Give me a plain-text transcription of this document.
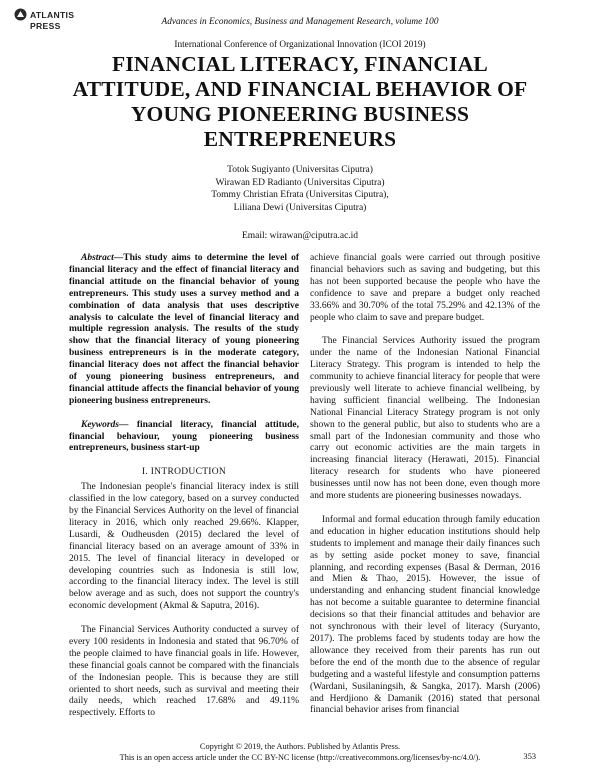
ATLANTIS
PRESS	Advances in Economics, Business and Management Research, volume 100
International Conference of Organizational Innovation (ICOI 2019)
FINANCIAL LITERACY, FINANCIAL ATTITUDE, AND FINANCIAL BEHAVIOR OF YOUNG PIONEERING BUSINESS ENTREPRENEURS
Totok Sugiyanto (Universitas Ciputra)
Wirawan ED Radianto (Universitas Ciputra)
Tommy Christian Efrata (Universitas Ciputra),
Liliana Dewi (Universitas Ciputra)
Email: wirawan@ciputra.ac.id

Abstract—This study aims to determine the level of financial literacy and the effect of financial literacy and financial attitude on the financial behavior of young entrepreneurs. This study uses a survey method and a combination of data analysis that uses descriptive analysis to calculate the level of financial literacy and multiple regression analysis. The results of the study show that the financial literacy of young pioneering business entrepreneurs is in the moderate category, financial literacy does not affect the financial behavior of young pioneering business entrepreneurs, and financial attitude affects the financial behavior of young pioneering business entrepreneurs.

Keywords— financial literacy, financial attitude, financial behaviour, young pioneering business entrepreneurs, business start-up

I. INTRODUCTION

The Indonesian people's financial literacy index is still classified in the low category, based on a survey conducted by the Financial Services Authority on the level of financial literacy in 2016, which only reached 29.66%. Klapper, Lusardi, & Oudheusden (2015) declared the level of financial literacy based on an average amount of 33% in 2015. The level of financial literacy in developed or developing countries such as Indonesia is still low, according to the financial literacy index. The level is still below average and as such, does not support the country's economic development (Akmal & Saputra, 2016).

The Financial Services Authority conducted a survey of every 100 residents in Indonesia and stated that 96.70% of the people claimed to have financial goals in life. However, these financial goals cannot be compared with the financials of the Indonesian people. This is because they are still oriented to short needs, such as survival and meeting their daily needs, which reached 17.68% and 49.11% respectively. Efforts to

achieve financial goals were carried out through positive financial behaviors such as saving and budgeting, but this has not been supported because the people who have the confidence to save and prepare a budget only reached 33.66% and 30.70% of the total 75.29% and 42.13% of the people who claim to save and prepare budget.

The Financial Services Authority issued the program under the name of the Indonesian National Financial Literacy Strategy. This program is intended to help the community to achieve financial literacy for people that were previously well literate to achieve financial wellbeing, by having sufficient financial wellbeing. The Indonesian National Financial Literacy Strategy program is not only shown to the general public, but also to students who are a small part of the Indonesian community and those who carry out economic activities are the main targets in increasing financial literacy (Herawati, 2015). Financial literacy research for students who have pioneered businesses until now has not been done, even though more and more students are pioneering businesses nowadays.

Informal and formal education through family education and education in higher education institutions should help students to implement and manage their daily finances such as by setting aside pocket money to save, financial planning, and recording expenses (Basal & Derman, 2016 and Mien & Thao, 2015). However, the issue of understanding and enhancing student financial knowledge has not become a suitable guarantee to determine financial decisions so that their financial attitudes and behavior are not synchronous with their level of literacy (Suryanto, 2017). The problems faced by students today are how the allowance they received from their parents has run out before the end of the month due to the absence of regular budgeting and a wasteful lifestyle and consumption patterns (Wardani, Susilaningsih, & Sangka, 2017). Marsh (2006) and Herdjiono & Damanik (2016) stated that personal financial behavior arises from financial

Copyright © 2019, the Authors. Published by Atlantis Press.
This is an open access article under the CC BY-NC license (http://creativecommons.org/licenses/by-nc/4.0/).	353
